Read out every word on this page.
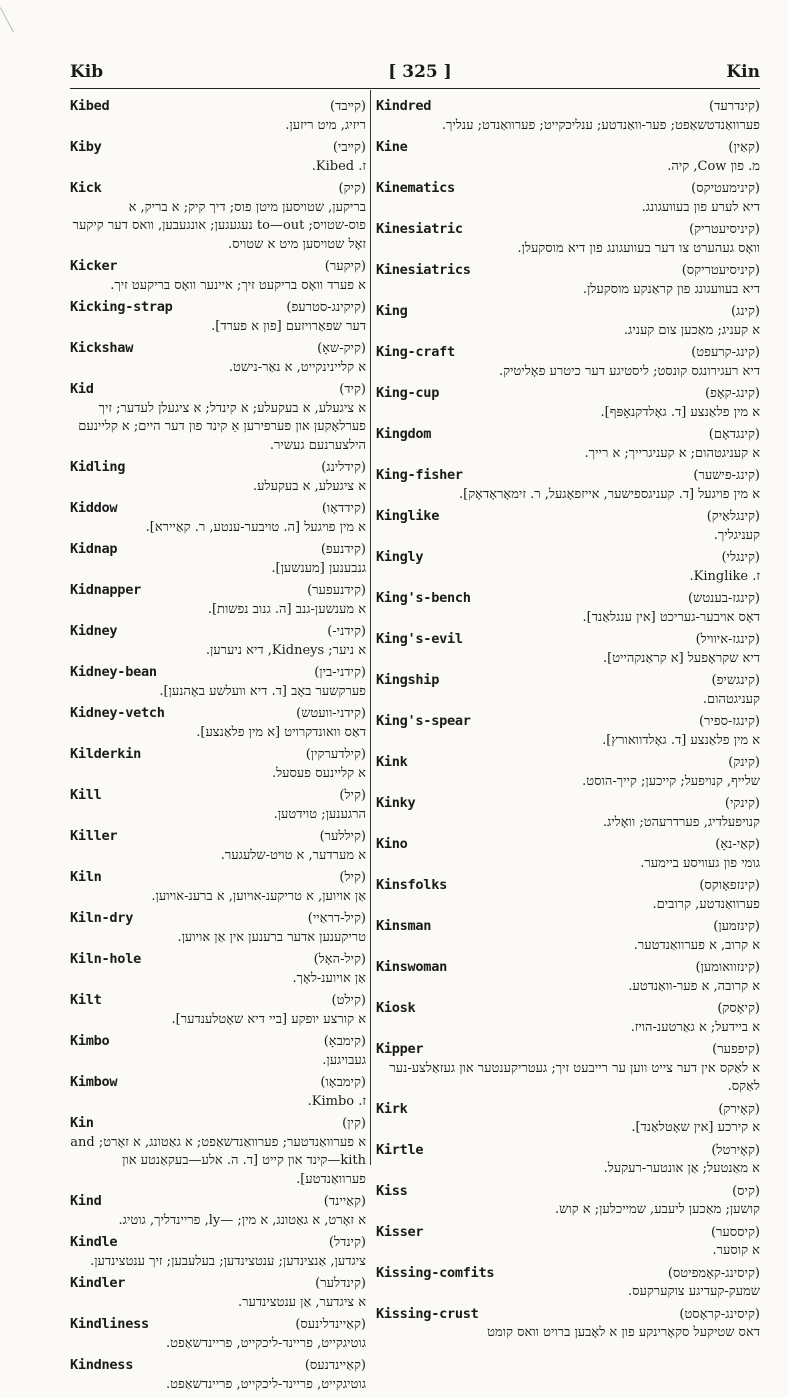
Kib	[ 325 ]	Kin
Kibed	(קײבד)
ריזיג, מיט ריזען.
Kiby	(קײבי)
ז. Kibed.
Kick	(קיק)
בריקען, שטויסען מיטן פוס; דיך קיק; א בריק, א פוס-שטויס; to—out נעגעגען; אונגעבען, וואס דער קיקער זאָל שטויסען מיט א שטויס.
Kicker	(קיקער)
א פערד וואָס בריקעט זיך; איינער וואָס בריקעט זיך.
Kicking-strap	(קיקינג-סטרעפ)
דער שפאַרויזעם [פון א פערד].
Kickshaw	(קיק-שאָ)
א קליינינקייט, א נאַר-נישט.
Kid	(קיד)
א ציגעלע, א בעקעלע; א קינדל; א ציגעלן לעדער; זיך פערלאָקען און פערפירען אַ קינד פון דער היים; א קליינעם הילצערנעם געשיר.
Kidling	(קידלינג)
א ציגעלע, א בעקעלע.
Kiddow	(קידדאָו)
א מין פויגעל [ה. טויבער-ענטע, ר. קאַיירא].
Kidnap	(קידנעפ)
גנבענען [מענשען].
Kidnapper	(קידנעפער)
א מענשען-גנב [ה. גנוב נפשות].
Kidney	(קידני-)
א ניער; Kidneys, דיא ניערען.
Kidney-bean	(קידני-בין)
פערקשער באָב [ד. דיא וועלשע באָהנען].
Kidney-vetch	(קידני-וועטש)
דאַס וואונדקרויט [א מין פלאַנצע].
Kilderkin	(קילדערקין)
א קליינעס פעסעל.
Kill	(קיל)
הרגענען; טוידטען.
Killer	(קיללער)
א מערדער, א טויט-שלעגער.
Kiln	(קיל)
אַן אויוען, א טריקענ-אויוען, א ברענ-אויוען.
Kiln-dry	(קיל-דראַיי)
טריקענען אדער ברענען אין אַן אויוען.
Kiln-hole	(קיל-האָל)
אַן אויוענ-לאָך.
Kilt	(קילט)
א קורצע יופקע [ביי דיא שאָטלענדער].
Kimbo	(קימבאָ)
געבויגען.
Kimbow	(קימבאָו)
ז. Kimbo.
Kin	(קין)
א פערוואַנדטער; פערוואַנדשאַפט; א גאַטונג, א זאָרט; and kith—קינד און קייט [ד. ה. אלע—בעקאַנטע און פערוואַנדטע].
Kind	(קאַיינד)
א זאָרט, א גאַטונג, א מין; —ly, פריינדליך, גוטיג.
Kindle	(קינדל)
ציגדען, אַנצינדען; ענטצינדען; בעלעבען; זיך ענטצינדען.
Kindler	(קינדלער)
א ציגדער, אַן ענטצינדער.
Kindliness	(קאַיינדלינעס)
גוטיגקייט, פריינד-ליכקייט, פריינדשאַפט.
Kindness	(קאַיינדנעס)
גוטיגקייט, פריינד-ליכקייט, פריינדשאַפט.
Kindred	(קינדרעד)
פערוואַנדטשאַפט; פער-וואַנדטע; ענליכקייט; פערוואַנדט; ענליך.
Kine	(קאַין)
מ. פון Cow, קיה.
Kinematics	(קינימעטיקס)
דיא לערע פון בעוועגונג.
Kinesiatric	(קיניסיעטריק)
וואָס געהערט צו דער בעוועגונג פון דיא מוסקעלן.
Kinesiatrics	(קיניסיעטריקס)
דיא בעוועגונג פון קראַנקע מוסקעלן.
King	(קינג)
א קעניג; מאַכען צום קעניג.
King-craft	(קינג-קרעפט)
דיא רעגירונגס קונסט; ליסטיגע דער כיטרע פאָליטיק.
King-cup	(קינג-קאָפ)
א מין פלאַנצע [ד. גאָלדקנאָפּף].
Kingdom	(קינגדאָם)
א קעניגטהום; א קעניגרייך; א רייך.
King-fisher	(קינג-פישער)
א מין פויגעל [ד. קעניגספישער, אייזפאָגעל, ר. זימאָראָדאָק].
Kinglike	(קינגלאַיק)
קעניגליך.
Kingly	(קינגלי)
ז. Kinglike.
King's-bench	(קינגז-בענטש)
דאָס אויבער-געריכט [אין ענגלאַנד].
King's-evil	(קינגז-איוויל)
דיא שקראָפעל [א קראַנקהייט].
Kingship	(קינגשיפ)
קעניגטהום.
King's-spear	(קינגז-ספיר)
א מין פלאַנצע [ד. גאָלדוואורץ].
Kink	(קינק)
שלייף, קנויפעל; קייכען; קייך-הוסט.
Kinky	(קינקי)
קנויפעלדיג, פערדרעהט; וואָליג.
Kino	(קאַי-נאָ)
גומי פון געוויסע ביימער.
Kinsfolks	(קינזפאָוקס)
פערוואַנדטע, קרובים.
Kinsman	(קינזמען)
א קרוב, א פערוואַנדטער.
Kinswoman	(קינזוואומען)
א קרובה, א פער-וואַנדטע.
Kiosk	(קיאָסק)
א ביידעל; א גאַרטענ-הויז.
Kipper	(קיפפער)
א לאַקס אין דער צייט ווען ער רייבעט זיך; געטריקענטער און געזאַלצע-נער לאַקס.
Kirk	(קאָירק)
א קירכע [אין שאָטלאַנד].
Kirtle	(קאָירטל)
א מאַנטעל; אַן אונטער-רעקעל.
Kiss	(קיס)
קושען; מאַכען ליעבע, שמייכלען; א קוש.
Kisser	(קיססער)
א קוסער.
Kissing-comfits	(קיסינג-קאָמפיטס)
שמעק-קעדיגע צוקערקעס.
Kissing-crust	(קיסינג-קראָסט)
דאס שטיקעל סקאָרינקע פון א לאָבען ברויט וואס קומט
